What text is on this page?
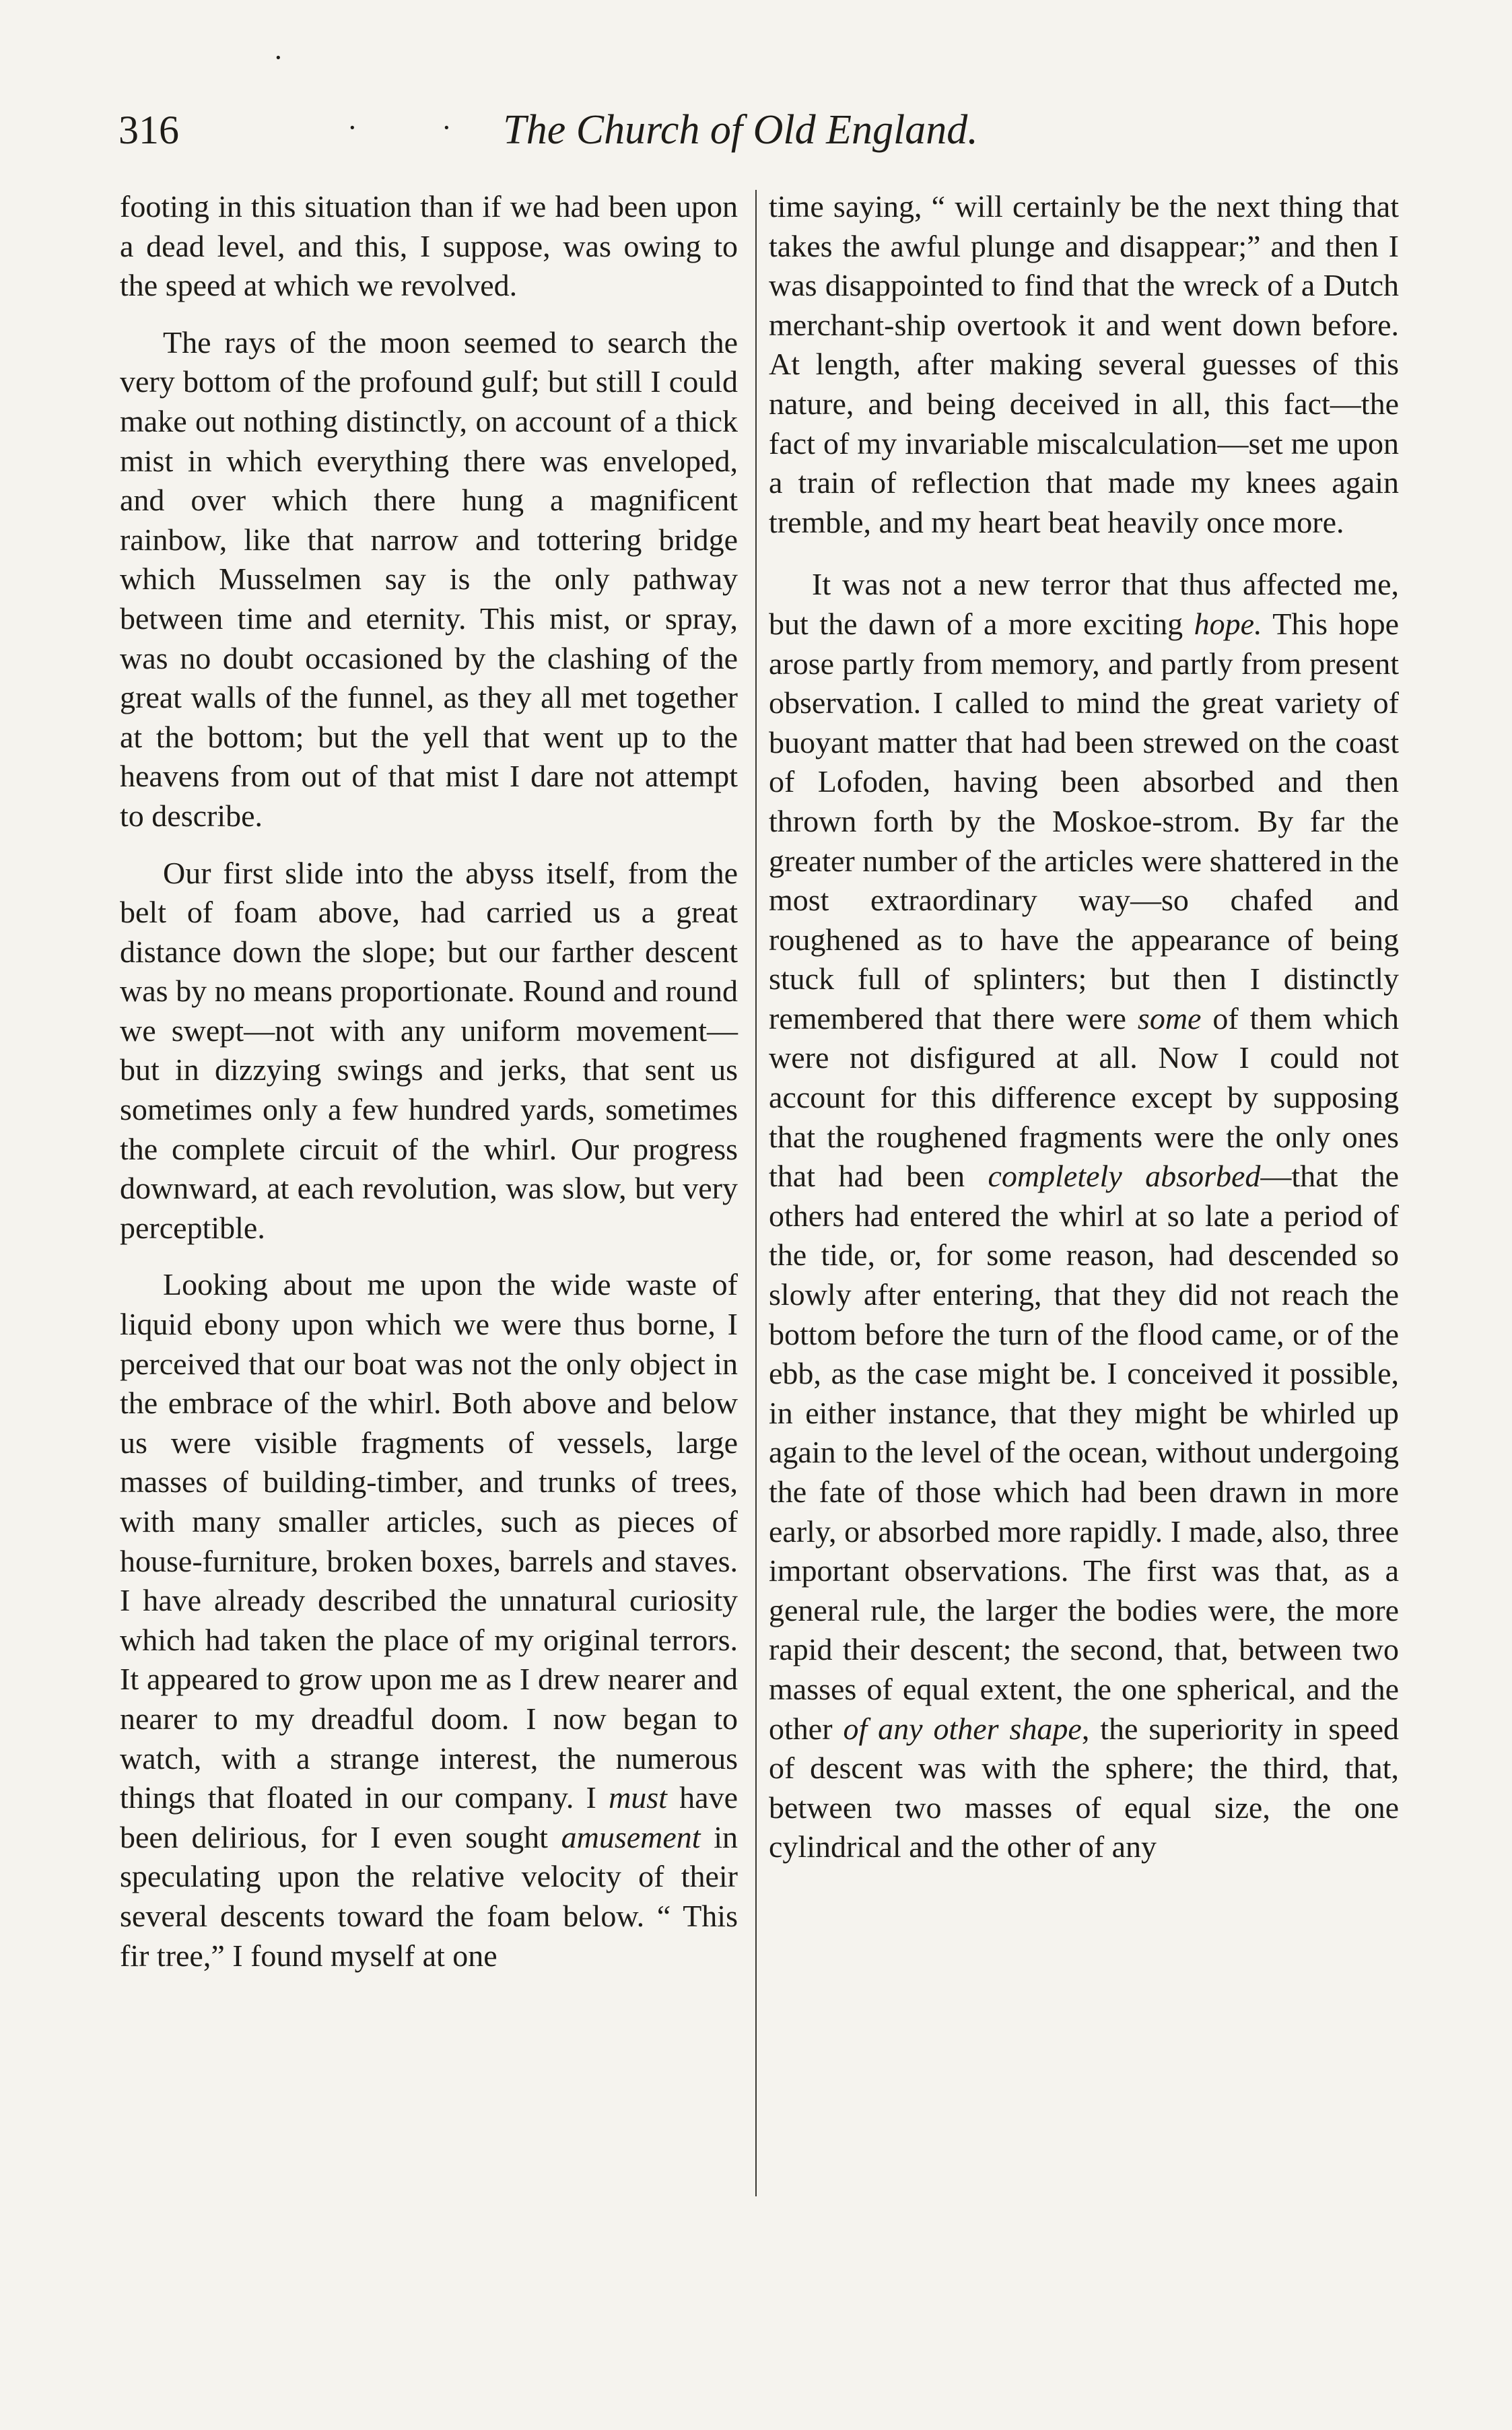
·
316	·	·	The Church of Old England.

footing in this situation than if we had been upon a dead level, and this, I suppose, was owing to the speed at which we revolved.

The rays of the moon seemed to search the very bottom of the profound gulf; but still I could make out nothing distinctly, on account of a thick mist in which everything there was enveloped, and over which there hung a magnificent rainbow, like that narrow and tottering bridge which Musselmen say is the only pathway between time and eternity. This mist, or spray, was no doubt occasioned by the clashing of the great walls of the funnel, as they all met together at the bottom; but the yell that went up to the heavens from out of that mist I dare not attempt to describe.

Our first slide into the abyss itself, from the belt of foam above, had carried us a great distance down the slope; but our farther descent was by no means proportionate. Round and round we swept—not with any uniform movement—but in dizzying swings and jerks, that sent us sometimes only a few hundred yards, sometimes the complete circuit of the whirl. Our progress downward, at each revolution, was slow, but very perceptible.

Looking about me upon the wide waste of liquid ebony upon which we were thus borne, I perceived that our boat was not the only object in the embrace of the whirl. Both above and below us were visible fragments of vessels, large masses of building-timber, and trunks of trees, with many smaller articles, such as pieces of house-furniture, broken boxes, barrels and staves. I have already described the unnatural curiosity which had taken the place of my original terrors. It appeared to grow upon me as I drew nearer and nearer to my dreadful doom. I now began to watch, with a strange interest, the numerous things that floated in our company. I must have been delirious, for I even sought amusement in speculating upon the relative velocity of their several descents toward the foam below. “ This fir tree,” I found myself at one

time saying, “ will certainly be the next thing that takes the awful plunge and disappear;” and then I was disappointed to find that the wreck of a Dutch merchant-ship overtook it and went down before. At length, after making several guesses of this nature, and being deceived in all, this fact—the fact of my invariable miscalculation—set me upon a train of reflection that made my knees again tremble, and my heart beat heavily once more.

It was not a new terror that thus affected me, but the dawn of a more exciting hope. This hope arose partly from memory, and partly from present observation. I called to mind the great variety of buoyant matter that had been strewed on the coast of Lofoden, having been absorbed and then thrown forth by the Moskoe-strom. By far the greater number of the articles were shattered in the most extraordinary way—so chafed and roughened as to have the appearance of being stuck full of splinters; but then I distinctly remembered that there were some of them which were not disfigured at all. Now I could not account for this difference except by supposing that the roughened fragments were the only ones that had been completely absorbed—that the others had entered the whirl at so late a period of the tide, or, for some reason, had descended so slowly after entering, that they did not reach the bottom before the turn of the flood came, or of the ebb, as the case might be. I conceived it possible, in either instance, that they might be whirled up again to the level of the ocean, without undergoing the fate of those which had been drawn in more early, or absorbed more rapidly. I made, also, three important observations. The first was that, as a general rule, the larger the bodies were, the more rapid their descent; the second, that, between two masses of equal extent, the one spherical, and the other of any other shape, the superiority in speed of descent was with the sphere; the third, that, between two masses of equal size, the one cylindrical and the other of any
